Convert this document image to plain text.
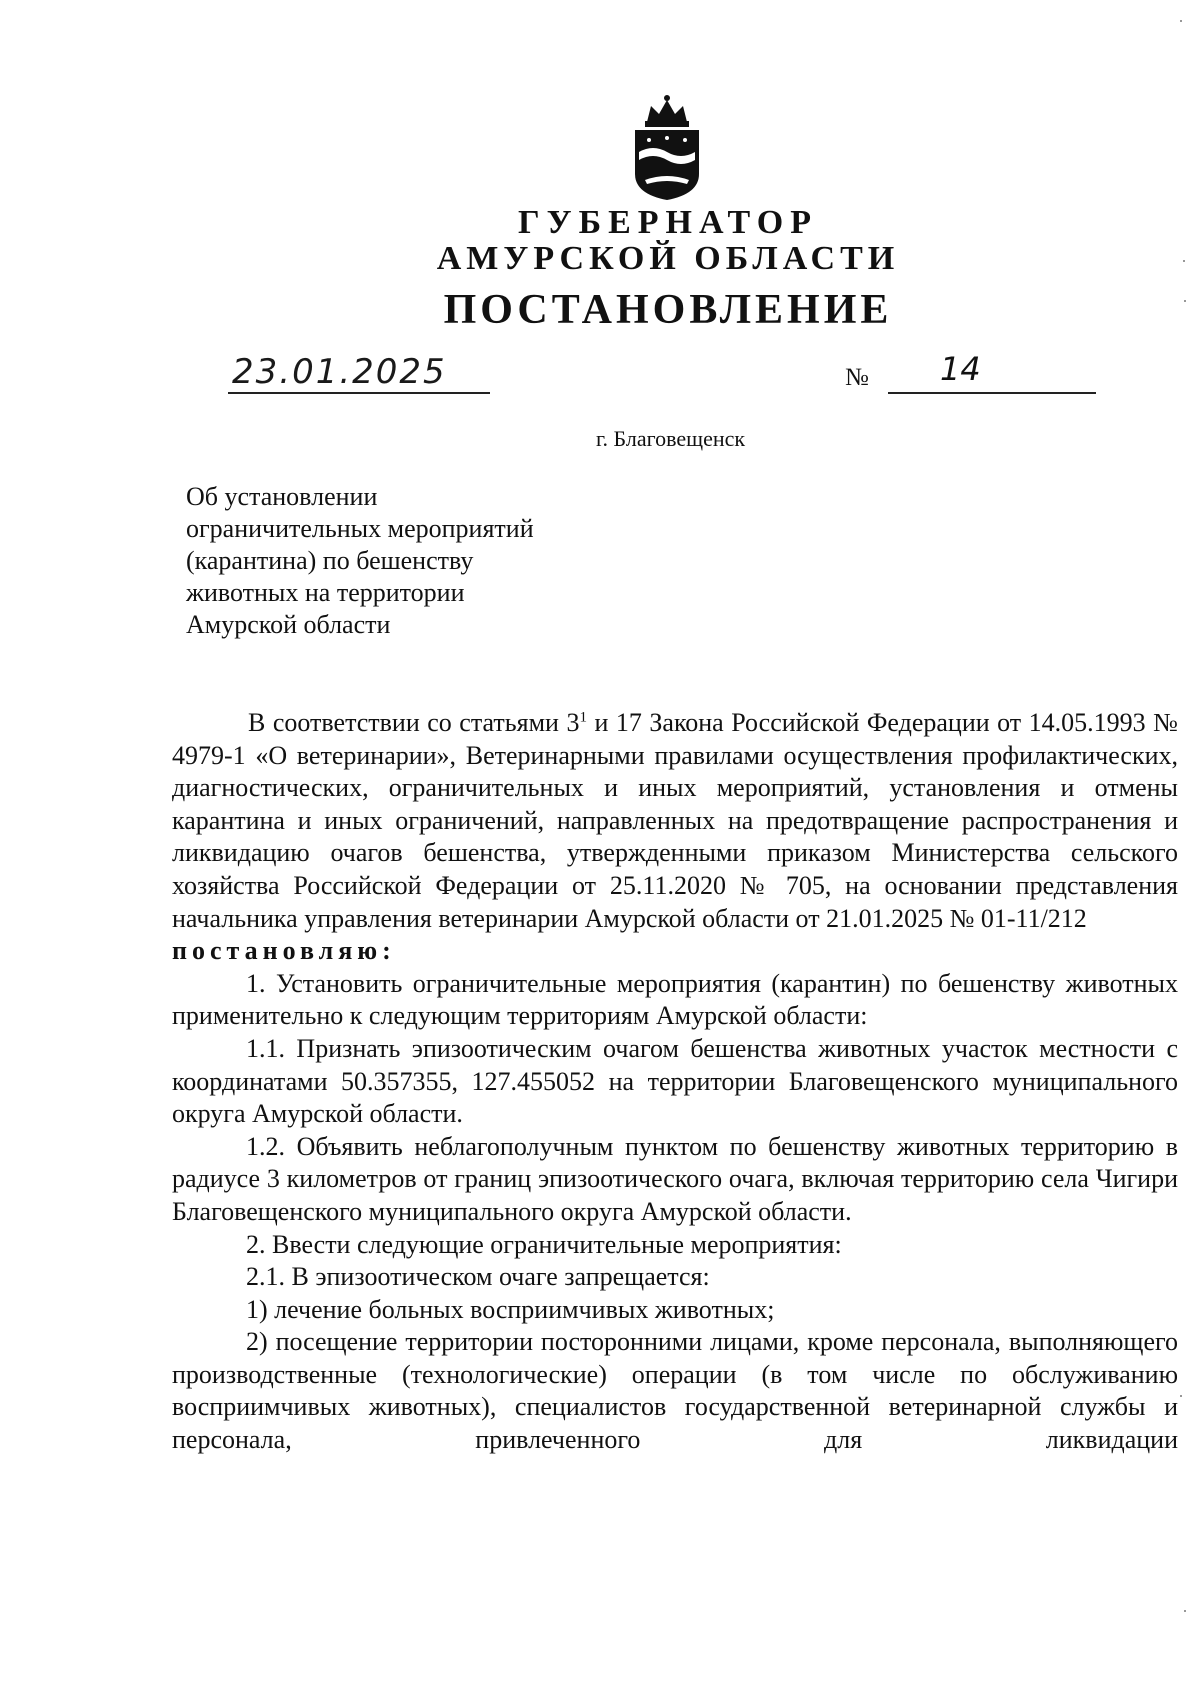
ГУБЕРНАТОР
АМУРСКОЙ ОБЛАСТИ
ПОСТАНОВЛЕНИЕ
23.01.2025	№ 14
г. Благовещенск
Об установлении
ограничительных мероприятий
(карантина) по бешенству
животных на территории
Амурской области

В соответствии со статьями $3^1$ и 17 Закона Российской Федерации от 14.05.1993 № 4979-1 «О ветеринарии», Ветеринарными правилами осуществления профилактических, диагностических, ограничительных и иных мероприятий, установления и отмены карантина и иных ограничений, направленных на предотвращение распространения и ликвидацию очагов бешенства, утвержденными приказом Министерства сельского хозяйства Российской Федерации от 25.11.2020 № 705, на основании представления начальника управления ветеринарии Амурской области от 21.01.2025 № 01-11/212

постановляю:

1. Установить ограничительные мероприятия (карантин) по бешенству животных применительно к следующим территориям Амурской области:

1.1. Признать эпизоотическим очагом бешенства животных участок местности с координатами 50.357355, 127.455052 на территории Благовещенского муниципального округа Амурской области.

1.2. Объявить неблагополучным пунктом по бешенству животных территорию в радиусе 3 километров от границ эпизоотического очага, включая территорию села Чигири Благовещенского муниципального округа Амурской области.

2. Ввести следующие ограничительные мероприятия:

2.1. В эпизоотическом очаге запрещается:

1) лечение больных восприимчивых животных;

2) посещение территории посторонними лицами, кроме персонала, выполняющего производственные (технологические) операции (в том числе по обслуживанию восприимчивых животных), специалистов государственной ветеринарной службы и персонала, привлеченного для ликвидации
